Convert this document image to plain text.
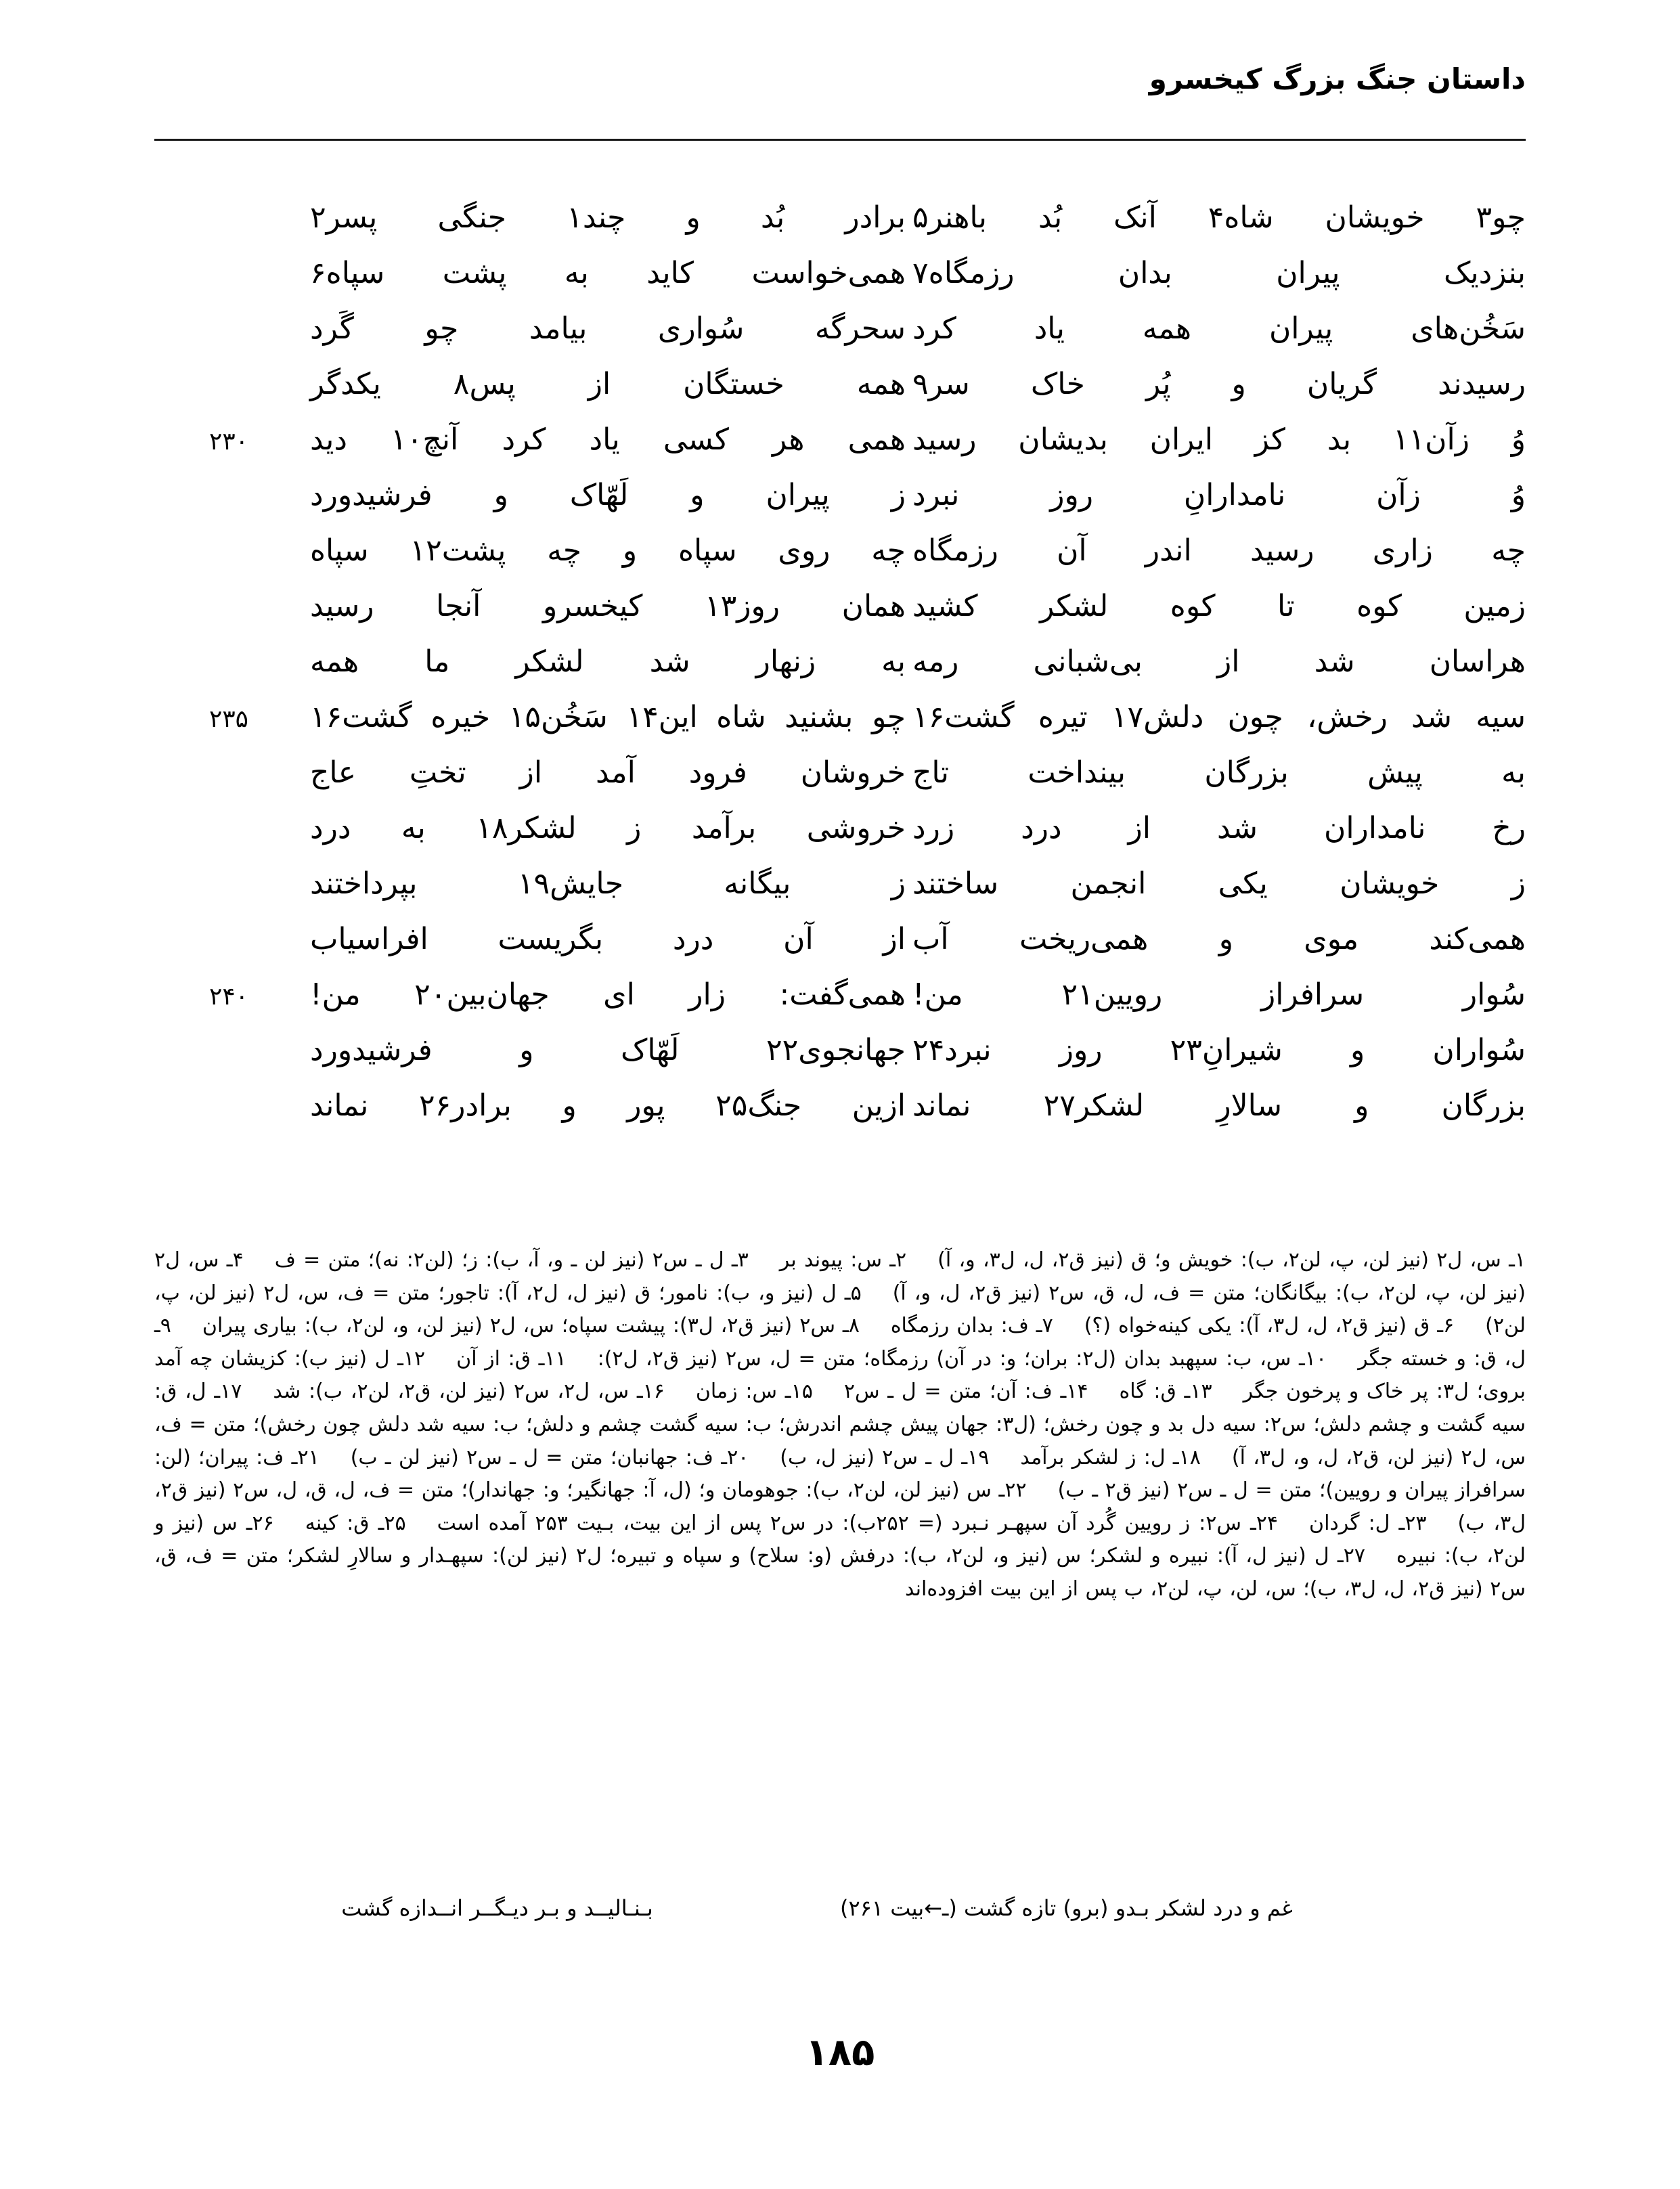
داستان جنگ بزرگ کیخسرو
چو۳ خویشان شاه۴ آنک بُد باهنر۵
برادر بُد و چند۱ جنگی پسر۲
بنزدیک پیران بدان رزمگاه۷
همی‌خواست کاید به پشت سپاه۶
سَخُن‌های پیران همه یاد کرد
سحرگه سُواری بیامد چو گَرد
رسیدند گریان و پُر خاک سر۹
همه خستگان از پس۸ یکدگر
وُ زآن۱۱ بد کز ایران بدیشان رسید
همی هر کسی یاد کرد آنچ۱۰ دید
۲۳۰
وُ زآن نامدارانِ روز نبرد
ز پیران و لَهّاک و فرشیدورد
چه زاری رسید اندر آن رزمگاه
چه روی سپاه و چه پشت۱۲ سپاه
زمین کوه تا کوه لشکر کشید
همان روز۱۳ کیخسرو آنجا رسید
هراسان شد از بی‌شبانی رمه
به زنهار شد لشکر ما همه
سیه شد رخش، چون دلش۱۷ تیره گشت۱۶
چو بشنید شاه این۱۴ سَخُن۱۵ خیره گشت۱۶
۲۳۵
به پیش بزرگان بینداخت تاج
خروشان فرود آمد از تختِ عاج
رخ نامداران شد از درد زرد
خروشی برآمد ز لشکر۱۸ به درد
ز خویشان یکی انجمن ساختند
ز بیگانه جایش۱۹ بپرداختند
همی‌کند موی و همی‌ریخت آب
از آن درد بگریست افراسیاب
سُوار سرافراز رویین۲۱ من!
همی‌گفت: زار ای جهان‌بین۲۰ من!
۲۴۰
سُواران و شیرانِ۲۳ روز نبرد۲۴
جهانجوی۲۲ لَهّاک و فرشیدورد
بزرگان و سالارِ لشکر۲۷ نماند
ازین جنگ۲۵ پور و برادر۲۶ نماند
۱ـ س، ل۲ (نیز لن، پ، لن۲، ب): خویش و؛ ق (نیز ق۲، ل، ل۳، و، آ)۲ـ س: پیوند بر۳ـ ل ـ س۲ (نیز لن ـ و، آ، ب): ز؛ (لن۲: نه)؛ متن = ف۴ـ س، ل۲ (نیز لن، پ، لن۲، ب): بیگانگان؛ متن = ف، ل، ق، س۲ (نیز ق۲، ل، و، آ)۵ـ ل (نیز و، ب): نامور؛ ق (نیز ل، ل۲، آ): تاجور؛ متن = ف، س، ل۲ (نیز لن، پ، لن۲)۶ـ ق (نیز ق۲، ل، ل۳، آ): یکی کینه‌خواه (؟)۷ـ ف: بدان رزمگاه۸ـ س۲ (نیز ق۲، ل۳): پیشت سپاه؛ س، ل۲ (نیز لن، و، لن۲، ب): بیاری پیران۹ـ ل، ق: و خسته جگر۱۰ـ س، ب: سپهبد بدان (ل۲: بران؛ و: در آن) رزمگاه؛ متن = ل، س۲ (نیز ق۲، ل۲):۱۱ـ ق: از آن۱۲ـ ل (نیز ب): کزیشان چه آمد بروی؛ ل۳: پر خاک و پرخون جگر۱۳ـ ق: گاه۱۴ـ ف: آن؛ متن = ل ـ س۲۱۵ـ س: زمان۱۶ـ س، ل۲، س۲ (نیز لن، ق۲، لن۲، ب): شد۱۷ـ ل، ق: سیه گشت و چشم دلش؛ س۲: سیه دل بد و چون رخش؛ (ل۳: جهان پیش چشم اندرش؛ ب: سیه گشت چشم و دلش؛ ب: سیه شد دلش چون رخش)؛ متن = ف، س، ل۲ (نیز لن، ق۲، ل، و، ل۳، آ)۱۸ـ ل: ز لشکر برآمد۱۹ـ ل ـ س۲ (نیز ل، ب)۲۰ـ ف: جهانبان؛ متن = ل ـ س۲ (نیز لن ـ ب)۲۱ـ ف: پیران؛ (لن: سرافراز پیران و رویین)؛ متن = ل ـ س۲ (نیز ق۲ ـ ب)۲۲ـ س (نیز لن، لن۲، ب): جوهومان و؛ (ل، آ: جهانگیر؛ و: جهاندار)؛ متن = ف، ل، ق، ل، س۲ (نیز ق۲، ل۳، ب)۲۳ـ ل: گردان۲۴ـ س۲: ز رویین گُرد آن سپهـر نـبرد (= ۲۵۲ب): در س۲ پس از این بیت، بـیت ۲۵۳ آمده است۲۵ـ ق: کینه۲۶ـ س (نیز و لن۲، ب): نبیره۲۷ـ ل (نیز ل، آ): نبیره و لشکر؛ س (نیز و، لن۲، ب): درفش (و: سلاح) و سپاه و تبیره؛ ل۲ (نیز لن): سپهـدار و سالارِ لشکر؛ متن = ف، ق، س۲ (نیز ق۲، ل، ل۳، ب)؛ س، لن، پ، لن۲، ب پس از این بیت افزوده‌اند
غم و درد لشکر بـدو (برو) تازه گشت (ـ←بیت ۲۶۱)
بـنـالیــد و بـر دیـگــر انــدازه گشت
۱۸۵
